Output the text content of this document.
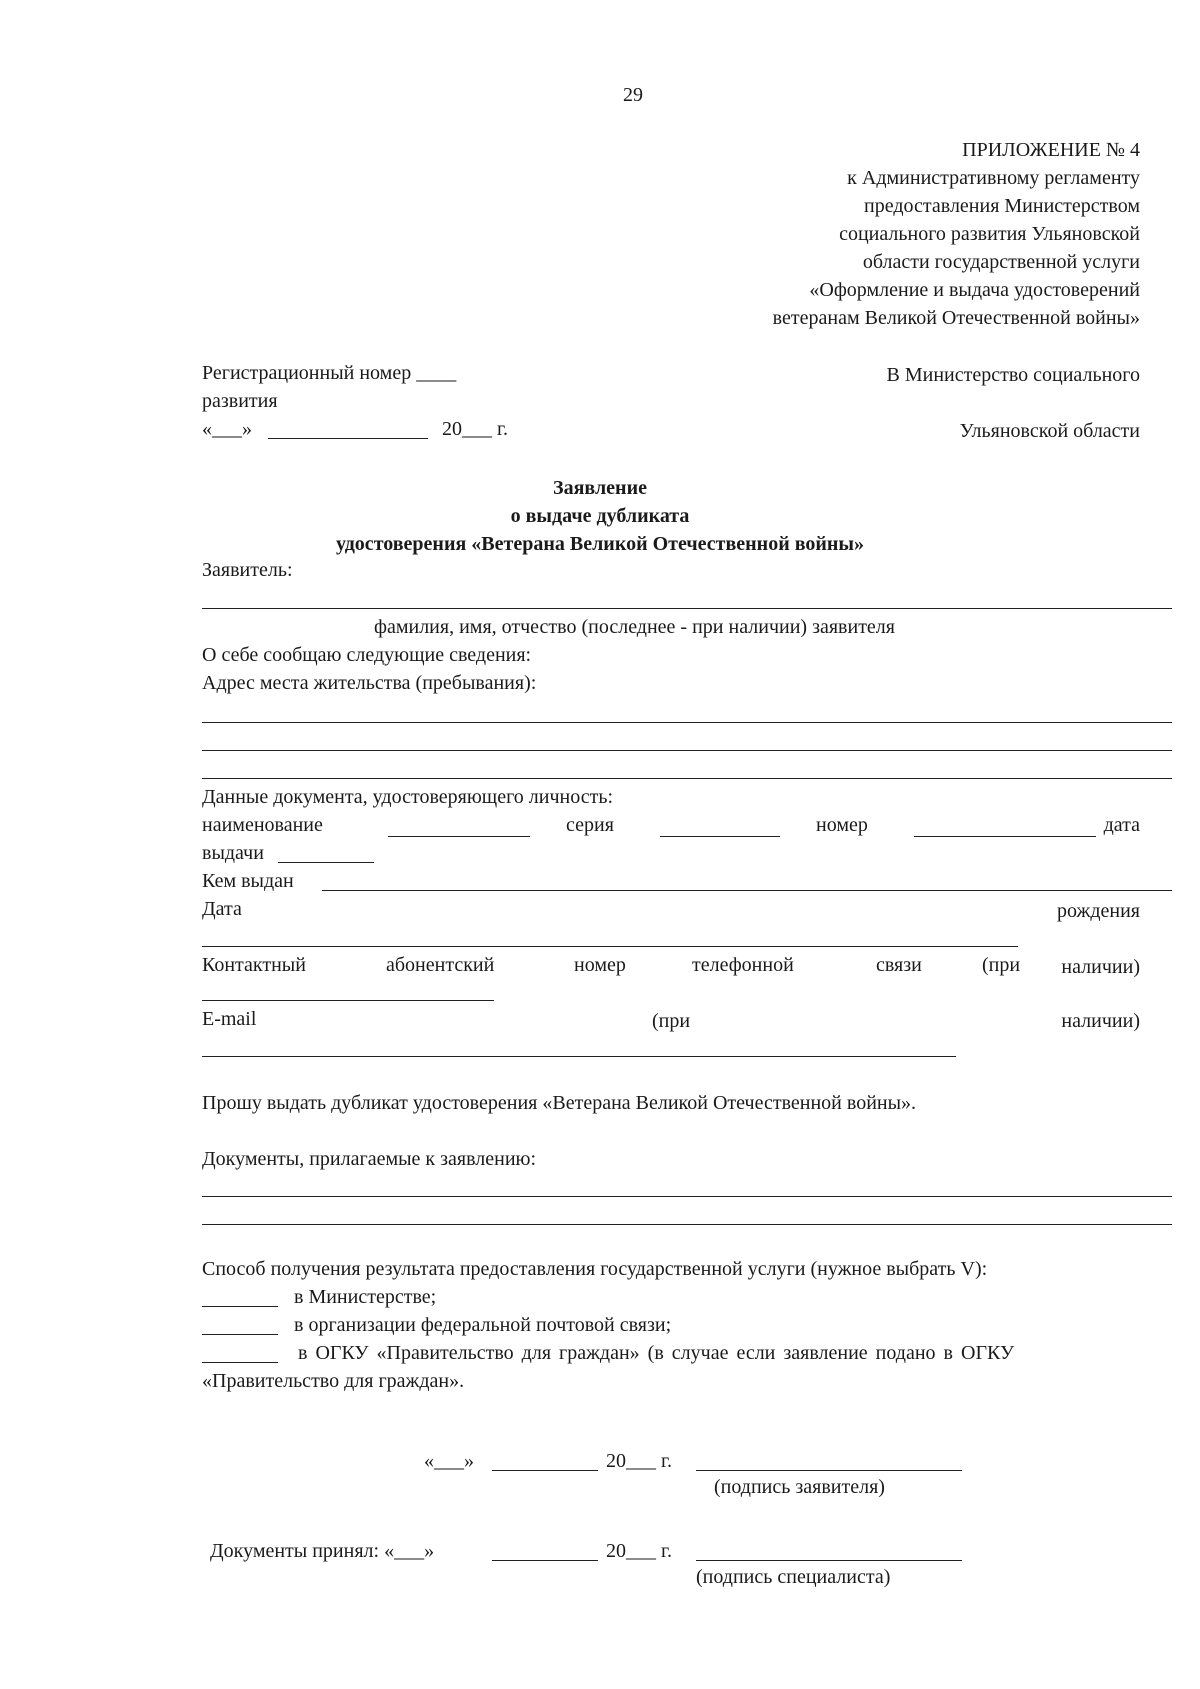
29
ПРИЛОЖЕНИЕ № 4
к Административному регламенту
предоставления Министерством
социального развития Ульяновской
области государственной услуги
«Оформление и выдача удостоверений
ветеранам Великой Отечественной войны»
Регистрационный номер ____
развития
«___»	20___ г.
В Министерство социального
Ульяновской области
Заявление
о выдаче дубликата
удостоверения «Ветерана Великой Отечественной войны»
Заявитель:
фамилия, имя, отчество (последнее - при наличии) заявителя
О себе сообщаю следующие сведения:
Адрес места жительства (пребывания):
Данные документа, удостоверяющего личность:
наименование	серия	номер	дата
выдачи
Кем выдан
Дата	рождения
Контактный	абонентский	номер	телефонной	связи	(при наличии)
E-mail	(при	наличии)
Прошу выдать дубликат удостоверения «Ветерана Великой Отечественной войны».
Документы, прилагаемые к заявлению:
Способ получения результата предоставления государственной услуги (нужное выбрать V):
в Министерстве;
в организации федеральной почтовой связи;
в ОГКУ «Правительство для граждан» (в случае если заявление подано в ОГКУ
«Правительство для граждан».
«___»	20___ г.
(подпись заявителя)
Документы принял: «___»	20___ г.
(подпись специалиста)
